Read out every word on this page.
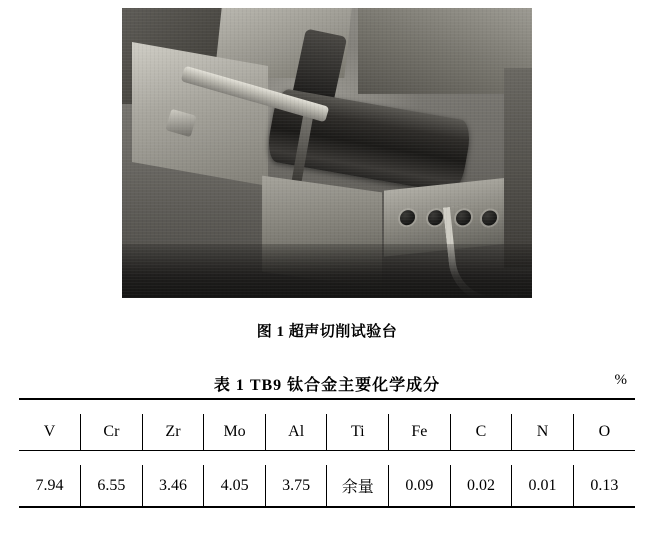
图 1 超声切削试验台
表 1 TB9 钛合金主要化学成分	%
V	Cr	Zr	Mo	Al	Ti	Fe	C	N	O
7.94	6.55	3.46	4.05	3.75	余量	0.09	0.02	0.01	0.13
